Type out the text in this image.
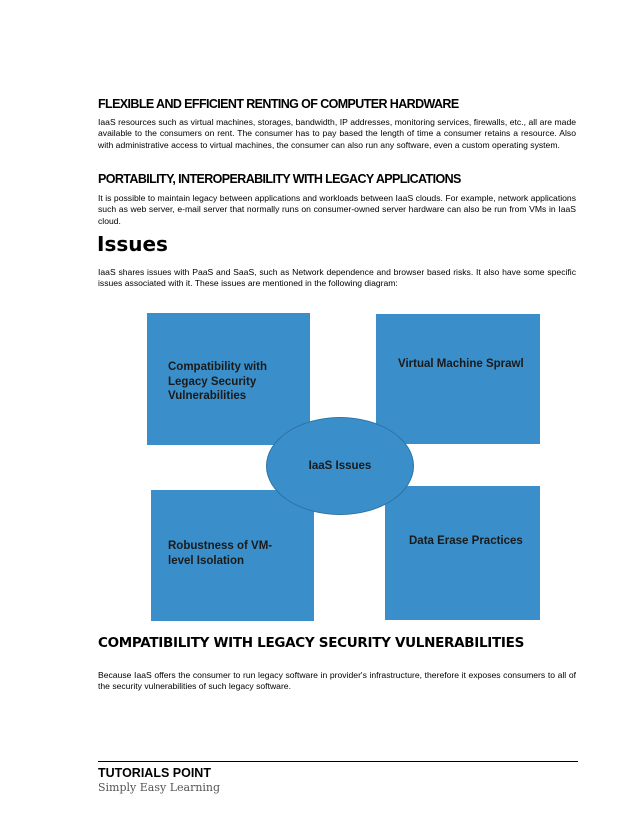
FLEXIBLE AND EFFICIENT RENTING OF COMPUTER HARDWARE

IaaS resources such as virtual machines, storages, bandwidth, IP addresses, monitoring services, firewalls, etc., all are made available to the consumers on rent. The consumer has to pay based the length of time a consumer retains a resource. Also with administrative access to virtual machines, the consumer can also run any software, even a custom operating system.

PORTABILITY, INTEROPERABILITY WITH LEGACY APPLICATIONS

It is possible to maintain legacy between applications and workloads between IaaS clouds. For example, network applications such as web server, e-mail server that normally runs on consumer-owned server hardware can also be run from VMs in IaaS cloud.

Issues

IaaS shares issues with PaaS and SaaS, such as Network dependence and browser based risks. It also have some specific issues associated with it. These issues are mentioned in the following diagram:

Compatibility with
Legacy Security
Vulnerabilities
Virtual Machine Sprawl
Robustness of VM-
level Isolation
Data Erase Practices
IaaS Issues
COMPATIBILITY WITH LEGACY SECURITY VULNERABILITIES

Because IaaS offers the consumer to run legacy software in provider's infrastructure, therefore it exposes consumers to all of the security vulnerabilities of such legacy software.

TUTORIALS POINT

Simply Easy Learning
